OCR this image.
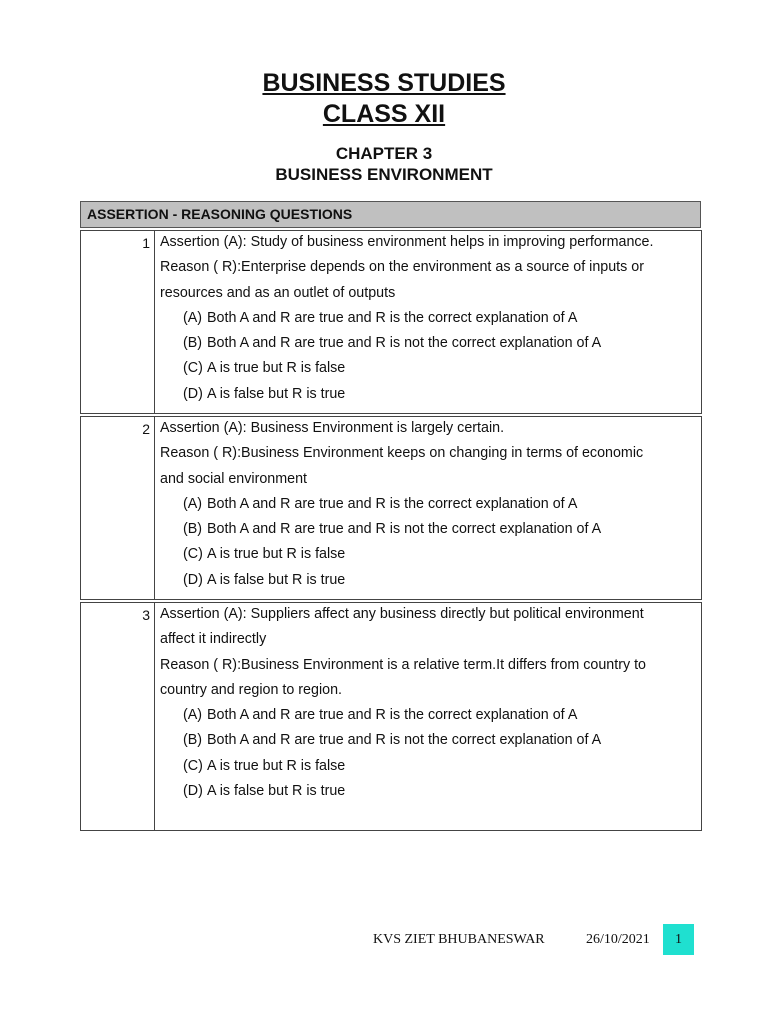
BUSINESS STUDIES
CLASS XII
CHAPTER 3
BUSINESS ENVIRONMENT
ASSERTION - REASONING QUESTIONS
1 Assertion (A): Study of business environment helps in improving performance.
Reason ( R):Enterprise depends on the environment as a source of inputs or
resources and as an outlet of outputs
(A) Both A and R are true and R is the correct explanation of A
(B) Both A and R are true and R is not the correct explanation of A
(C) A is true but R is false
(D) A is false but R is true
2 Assertion (A): Business Environment is largely certain.
Reason ( R):Business Environment keeps on changing in terms of economic
and social environment
(A) Both A and R are true and R is the correct explanation of A
(B) Both A and R are true and R is not the correct explanation of A
(C) A is true but R is false
(D) A is false but R is true
3 Assertion (A): Suppliers affect any business directly but political environment
affect it indirectly
Reason ( R):Business Environment is a relative term.It differs from country to
country and region to region.
(A) Both A and R are true and R is the correct explanation of A
(B) Both A and R are true and R is not the correct explanation of A
(C) A is true but R is false
(D) A is false but R is true
KVS ZIET BHUBANESWAR	26/10/2021	1
